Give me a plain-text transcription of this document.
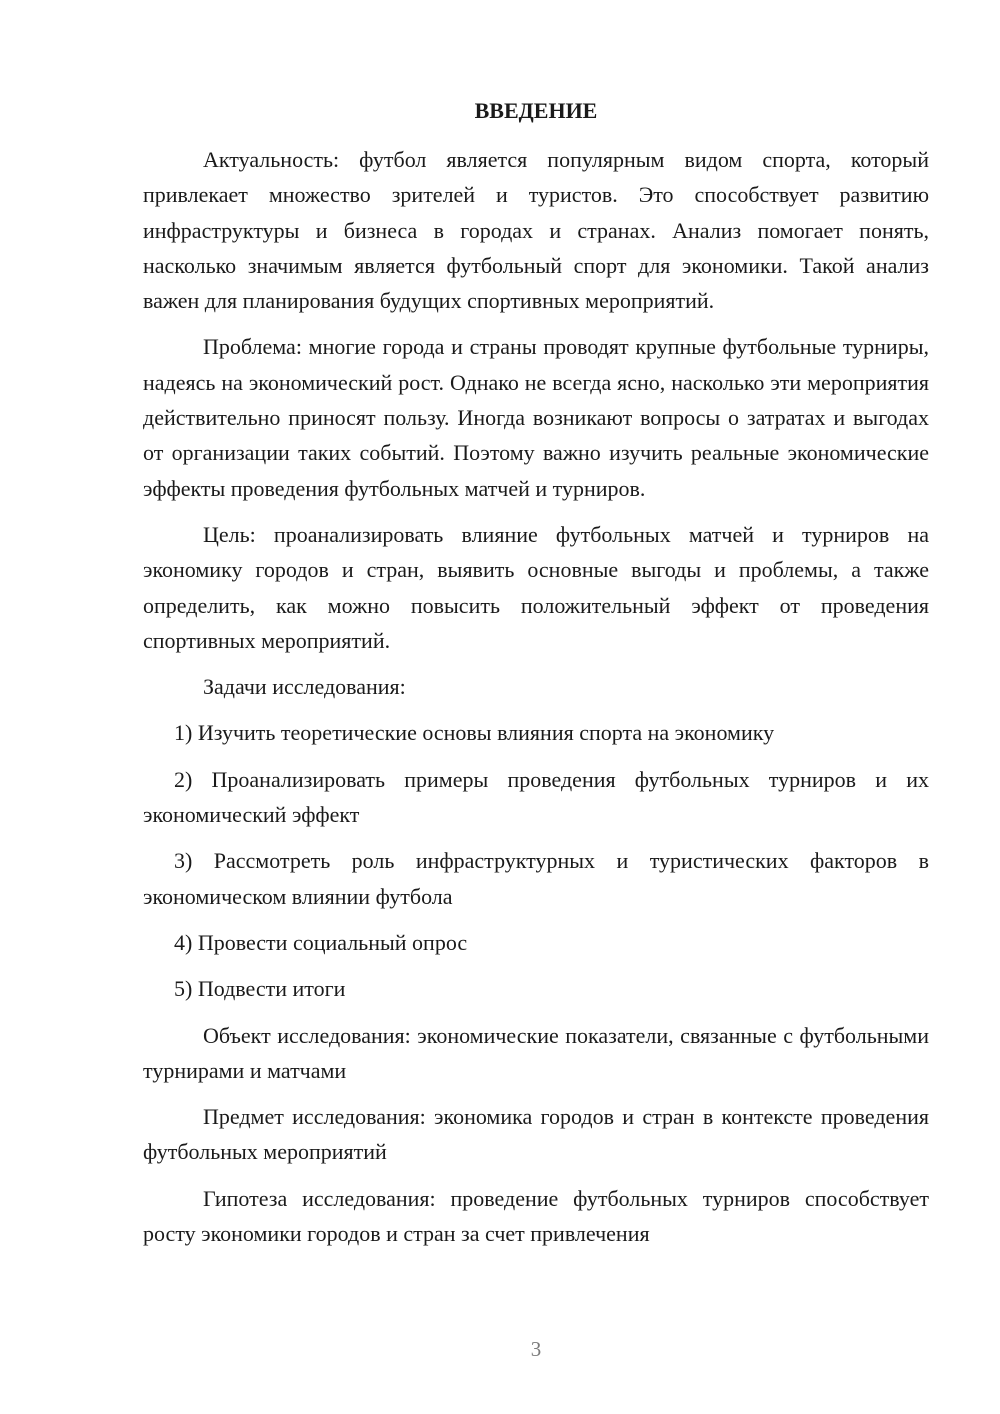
ВВЕДЕНИЕ

Актуальность: футбол является популярным видом спорта, который привлекает множество зрителей и туристов. Это способствует развитию инфраструктуры и бизнеса в городах и странах. Анализ помогает понять, насколько значимым является футбольный спорт для экономики. Такой анализ важен для планирования будущих спортивных мероприятий.

Проблема: многие города и страны проводят крупные футбольные турниры, надеясь на экономический рост. Однако не всегда ясно, насколько эти мероприятия действительно приносят пользу. Иногда возникают вопросы о затратах и выгодах от организации таких событий. Поэтому важно изучить реальные экономические эффекты проведения футбольных матчей и турниров.

Цель: проанализировать влияние футбольных матчей и турниров на экономику городов и стран, выявить основные выгоды и проблемы, а также определить, как можно повысить положительный эффект от проведения спортивных мероприятий.

Задачи исследования:

1) Изучить теоретические основы влияния спорта на экономику

2) Проанализировать примеры проведения футбольных турниров и их экономический эффект

3) Рассмотреть роль инфраструктурных и туристических факторов в экономическом влиянии футбола

4) Провести социальный опрос

5) Подвести итоги

Объект исследования: экономические показатели, связанные с футбольными турнирами и матчами

Предмет исследования: экономика городов и стран в контексте проведения футбольных мероприятий

Гипотеза исследования: проведение футбольных турниров способствует росту экономики городов и стран за счет привлечения

3
